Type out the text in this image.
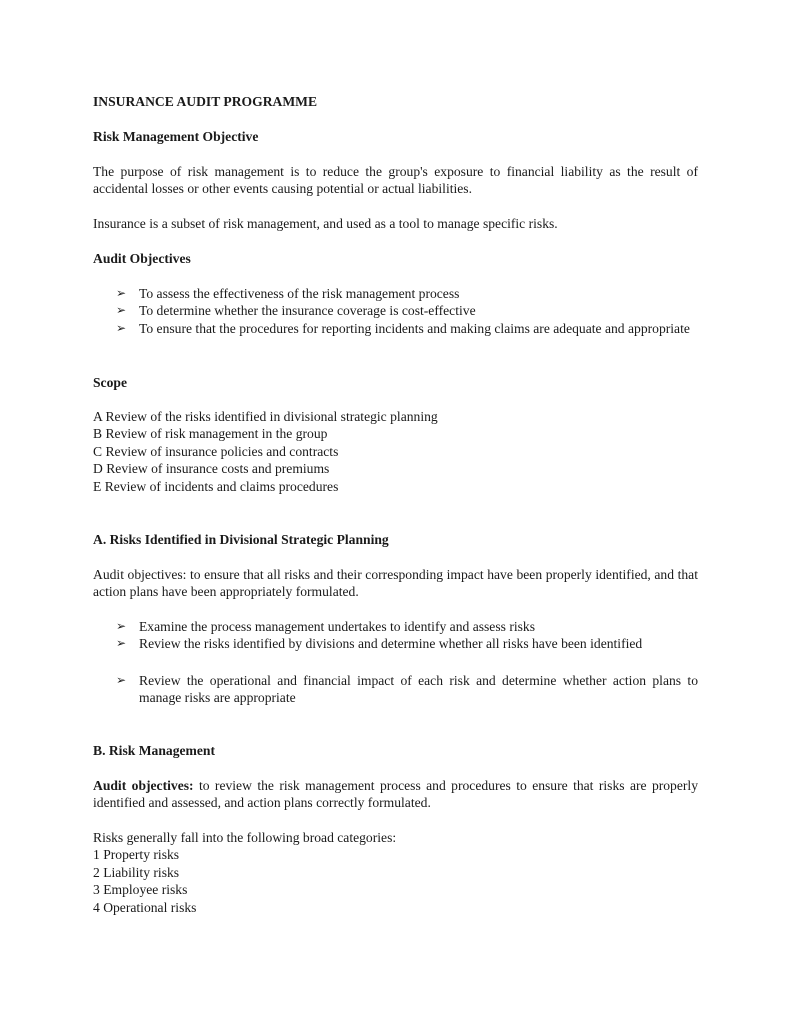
INSURANCE AUDIT PROGRAMME
Risk Management Objective

The purpose of risk management is to reduce the group's exposure to financial liability as the result of accidental losses or other events causing potential or actual liabilities.

Insurance is a subset of risk management, and used as a tool to manage specific risks.

Audit Objectives
➢ To assess the effectiveness of the risk management process
➢ To determine whether the insurance coverage is cost-effective
➢ To ensure that the procedures for reporting incidents and making claims are adequate and appropriate
Scope
A Review of the risks identified in divisional strategic planning
B Review of risk management in the group
C Review of insurance policies and contracts
D Review of insurance costs and premiums
E Review of incidents and claims procedures
A. Risks Identified in Divisional Strategic Planning

Audit objectives: to ensure that all risks and their corresponding impact have been properly identified, and that action plans have been appropriately formulated.

➢ Examine the process management undertakes to identify and assess risks
➢ Review the risks identified by divisions and determine whether all risks have been identified
➢ Review the operational and financial impact of each risk and determine whether action plans to manage risks are appropriate
B. Risk Management

Audit objectives: to review the risk management process and procedures to ensure that risks are properly identified and assessed, and action plans correctly formulated.

Risks generally fall into the following broad categories:
1 Property risks
2 Liability risks
3 Employee risks
4 Operational risks
